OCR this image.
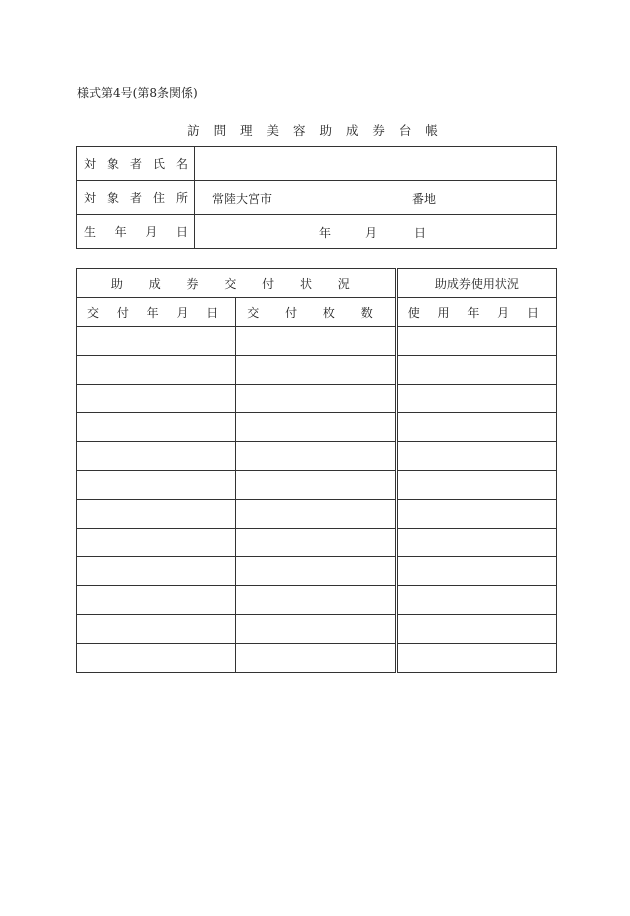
様式第4号(第8条関係)
訪 問 理 美 容 助 成 券 台 帳
対 象 者 氏 名	

対 象 者 住 所	常陸大宮市 番地

生 年 月 日	年 月 日
助 成 券 交 付 状 況		助成券使用状況
交 付 年 月 日	交 付 枚 数	使 用 年 月 日
